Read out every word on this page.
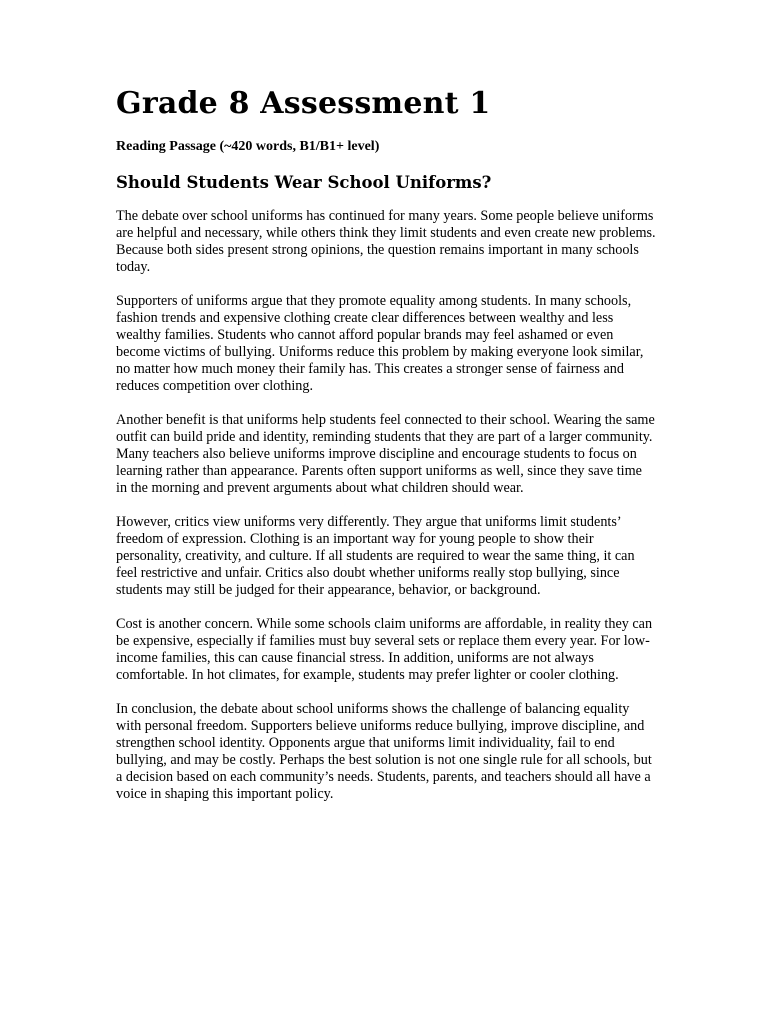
Grade 8 Assessment 1

Reading Passage (~420 words, B1/B1+ level)

Should Students Wear School Uniforms?

The debate over school uniforms has continued for many years. Some people believe uniforms are helpful and necessary, while others think they limit students and even create new problems. Because both sides present strong opinions, the question remains important in many schools today.

Supporters of uniforms argue that they promote equality among students. In many schools, fashion trends and expensive clothing create clear differences between wealthy and less wealthy families. Students who cannot afford popular brands may feel ashamed or even become victims of bullying. Uniforms reduce this problem by making everyone look similar, no matter how much money their family has. This creates a stronger sense of fairness and reduces competition over clothing.

Another benefit is that uniforms help students feel connected to their school. Wearing the same outfit can build pride and identity, reminding students that they are part of a larger community. Many teachers also believe uniforms improve discipline and encourage students to focus on learning rather than appearance. Parents often support uniforms as well, since they save time in the morning and prevent arguments about what children should wear.

However, critics view uniforms very differently. They argue that uniforms limit students’ freedom of expression. Clothing is an important way for young people to show their personality, creativity, and culture. If all students are required to wear the same thing, it can feel restrictive and unfair. Critics also doubt whether uniforms really stop bullying, since students may still be judged for their appearance, behavior, or background.

Cost is another concern. While some schools claim uniforms are affordable, in reality they can be expensive, especially if families must buy several sets or replace them every year. For low-income families, this can cause financial stress. In addition, uniforms are not always comfortable. In hot climates, for example, students may prefer lighter or cooler clothing.

In conclusion, the debate about school uniforms shows the challenge of balancing equality with personal freedom. Supporters believe uniforms reduce bullying, improve discipline, and strengthen school identity. Opponents argue that uniforms limit individuality, fail to end bullying, and may be costly. Perhaps the best solution is not one single rule for all schools, but a decision based on each community’s needs. Students, parents, and teachers should all have a voice in shaping this important policy.
